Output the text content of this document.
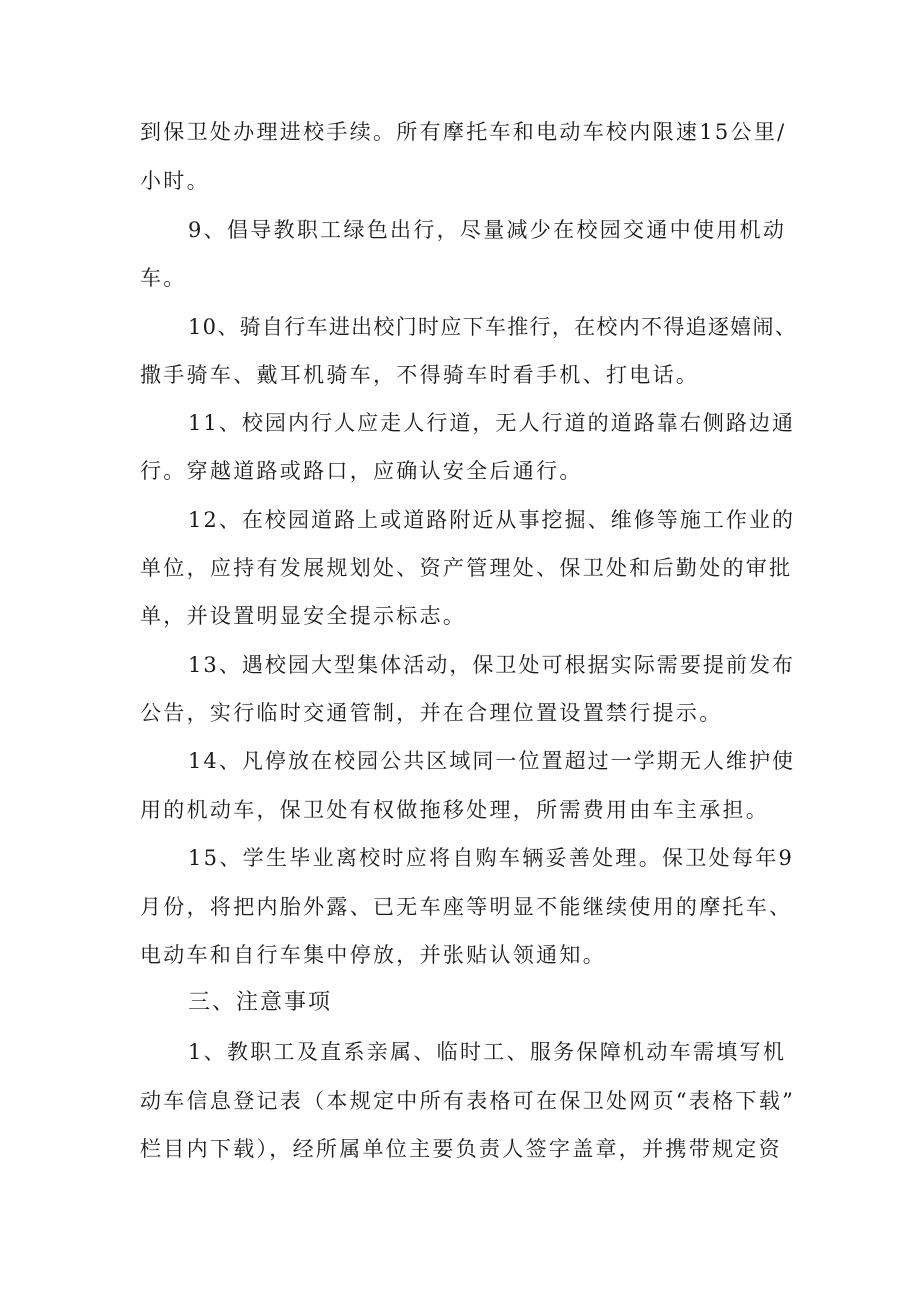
到保卫处办理进校手续。所有摩托车和电动车校内限速15公里/
小时。
9、倡导教职工绿色出行，尽量减少在校园交通中使用机动
车。
10、骑自行车进出校门时应下车推行，在校内不得追逐嬉闹、
撒手骑车、戴耳机骑车，不得骑车时看手机、打电话。
11、校园内行人应走人行道，无人行道的道路靠右侧路边通
行。穿越道路或路口，应确认安全后通行。
12、在校园道路上或道路附近从事挖掘、维修等施工作业的
单位，应持有发展规划处、资产管理处、保卫处和后勤处的审批
单，并设置明显安全提示标志。
13、遇校园大型集体活动，保卫处可根据实际需要提前发布
公告，实行临时交通管制，并在合理位置设置禁行提示。
14、凡停放在校园公共区域同一位置超过一学期无人维护使
用的机动车，保卫处有权做拖移处理，所需费用由车主承担。
15、学生毕业离校时应将自购车辆妥善处理。保卫处每年9
月份，将把内胎外露、已无车座等明显不能继续使用的摩托车、
电动车和自行车集中停放，并张贴认领通知。
三、注意事项
1、教职工及直系亲属、临时工、服务保障机动车需填写机
动车信息登记表（本规定中所有表格可在保卫处网页“表格下载”
栏目内下载），经所属单位主要负责人签字盖章，并携带规定资
